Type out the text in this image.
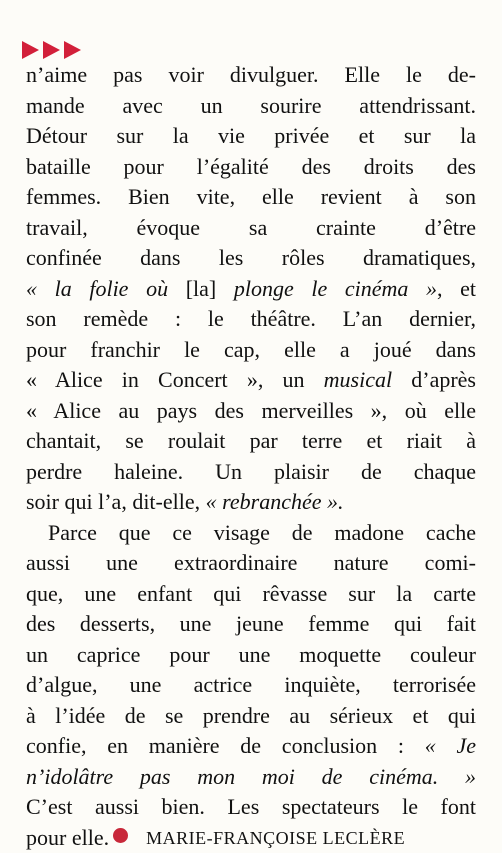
n’aime pas voir divulguer. Elle le de-
mande avec un sourire attendrissant.
Détour sur la vie privée et sur la
bataille pour l’égalité des droits des
femmes. Bien vite, elle revient à son
travail, évoque sa crainte d’être
confinée dans les rôles dramatiques,
« la folie où [la] plonge le cinéma », et
son remède : le théâtre. L’an dernier,
pour franchir le cap, elle a joué dans
« Alice in Concert », un musical d’après
« Alice au pays des merveilles », où elle
chantait, se roulait par terre et riait à
perdre haleine. Un plaisir de chaque
soir qui l’a, dit-elle, « rebranchée ».
Parce que ce visage de madone cache
aussi une extraordinaire nature comi-
que, une enfant qui rêvasse sur la carte
des desserts, une jeune femme qui fait
un caprice pour une moquette couleur
d’algue, une actrice inquiète, terrorisée
à l’idée de se prendre au sérieux et qui
confie, en manière de conclusion : « Je
n’idolâtre pas mon moi de cinéma. »
C’est aussi bien. Les spectateurs le font
pour elle. MARIE-FRANÇOISE LECLÈRE
